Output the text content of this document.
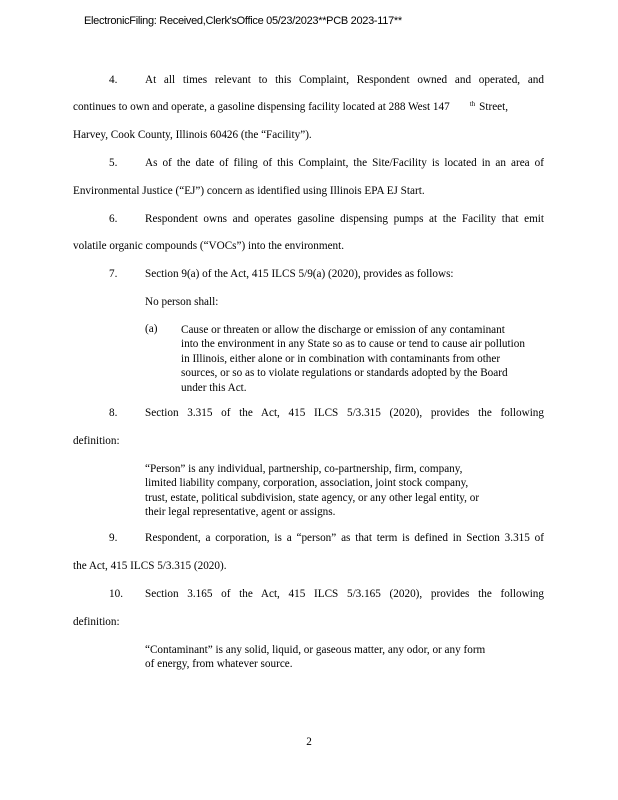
ElectronicFiling: Received,Clerk'sOffice 05/23/2023**PCB 2023-117**
4. At all times relevant to this Complaint, Respondent owned and operated, and
continues to own and operate, a gasoline dispensing facility located at 288 West 147	$^{th}$ Street,
Harvey, Cook County, Illinois 60426 (the “Facility”).
5. As of the date of filing of this Complaint, the Site/Facility is located in an area of
Environmental Justice (“EJ”) concern as identified using Illinois EPA EJ Start.
6. Respondent owns and operates gasoline dispensing pumps at the Facility that emit
volatile organic compounds (“VOCs”) into the environment.
7. Section 9(a) of the Act, 415 ILCS 5/9(a) (2020), provides as follows:
No person shall:
(a) Cause or threaten or allow the discharge or emission of any contaminant
into the environment in any State so as to cause or tend to cause air pollution
in Illinois, either alone or in combination with contaminants from other
sources, or so as to violate regulations or standards adopted by the Board
under this Act.
8. Section 3.315 of the Act, 415 ILCS 5/3.315 (2020), provides the following
definition:
“Person” is any individual, partnership, co-partnership, firm, company,
limited liability company, corporation, association, joint stock company,
trust, estate, political subdivision, state agency, or any other legal entity, or
their legal representative, agent or assigns.
9. Respondent, a corporation, is a “person” as that term is defined in Section 3.315 of
the Act, 415 ILCS 5/3.315 (2020).
10. Section 3.165 of the Act, 415 ILCS 5/3.165 (2020), provides the following
definition:
“Contaminant” is any solid, liquid, or gaseous matter, any odor, or any form
of energy, from whatever source.
2
